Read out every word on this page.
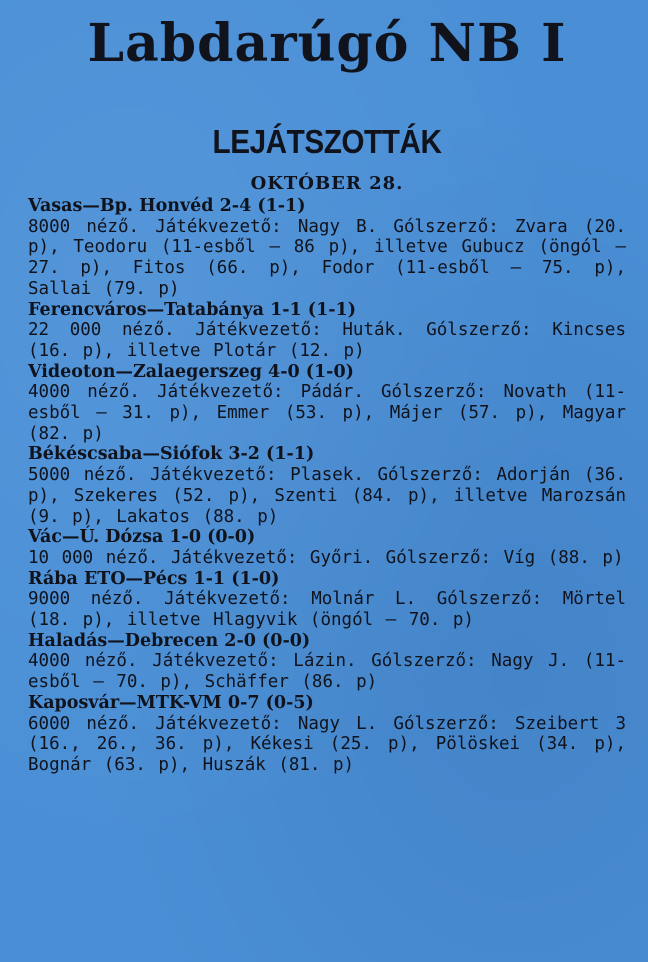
Labdarúgó NB I
LEJÁTSZOTTÁK
OKTÓBER 28.
Vasas—Bp. Honvéd 2-4 (1-1)
8000 néző. Játékvezető: Nagy B. Gólszerző: Zvara (20. p), Teodoru (11-esből — 86 p), illetve Gubucz (öngól — 27. p), Fitos (66. p), Fodor (11-esből — 75. p), Sallai (79. p)
Ferencváros—Tatabánya 1-1 (1-1)
22 000 néző. Játékvezető: Huták. Gólszerző: Kincses (16. p), illetve Plotár (12. p)
Videoton—Zalaegerszeg 4-0 (1-0)
4000 néző. Játékvezető: Pádár. Gólszerző: Novath (11-esből — 31. p), Emmer (53. p), Májer (57. p), Magyar (82. p)
Békéscsaba—Siófok 3-2 (1-1)
5000 néző. Játékvezető: Plasek. Gólszerző: Adorján (36. p), Szekeres (52. p), Szenti (84. p), illetve Marozsán (9. p), Lakatos (88. p)
Vác—Ú. Dózsa 1-0 (0-0)
10 000 néző. Játékvezető: Győri. Gólszerző: Víg (88. p)
Rába ETO—Pécs 1-1 (1-0)
9000 néző. Játékvezető: Molnár L. Gólszerző: Mörtel (18. p), illetve Hlagyvik (öngól — 70. p)
Haladás—Debrecen 2-0 (0-0)
4000 néző. Játékvezető: Lázin. Gólszerző: Nagy J. (11-esből — 70. p), Schäffer (86. p)
Kaposvár—MTK-VM 0-7 (0-5)
6000 néző. Játékvezető: Nagy L. Gólszerző: Szeibert 3 (16., 26., 36. p), Kékesi (25. p), Pölöskei (34. p), Bognár (63. p), Huszák (81. p)
